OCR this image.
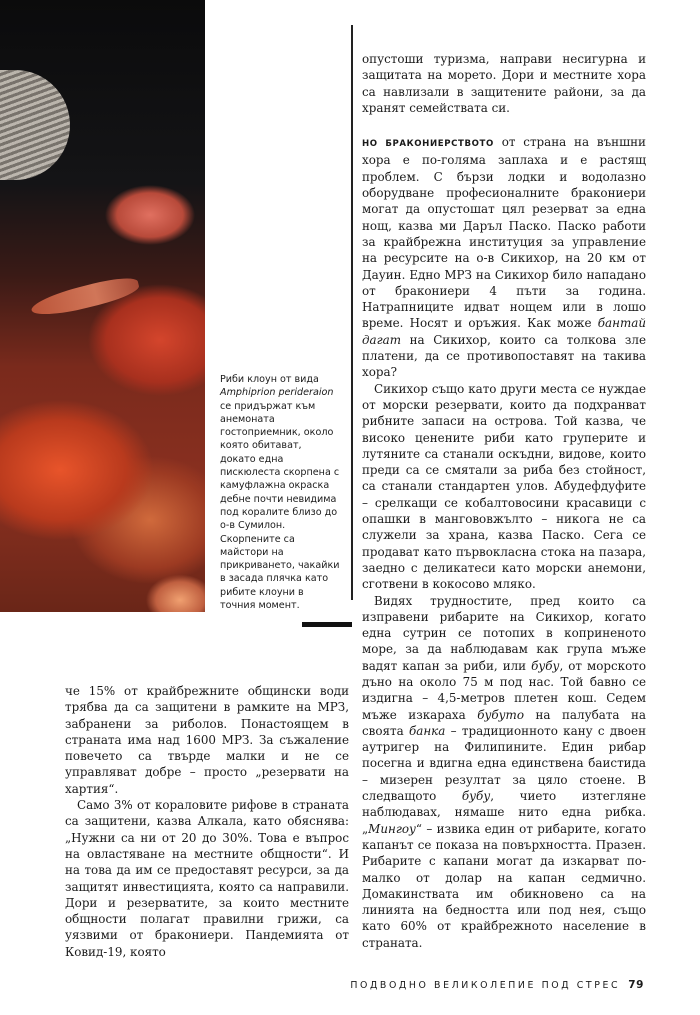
Риби клоун от вида Amphiprion perideraion се придържат към анемоната гостоприемник, около която обитават, докато една пискюлеста скорпена с камуфлажна окраска дебне почти невидима под коралите близо до о-в Сумилон. Скорпените са майстори на прикриването, чакайки в засада плячка като рибите клоуни в точния момент.

че 15% от крайбрежните общински води трябва да са защитени в рамките на МРЗ, забранени за риболов. Понастоящем в страната има над 1600 МРЗ. За съжаление повечето са твърде малки и не се управляват добре – просто „резервати на хартия“.

Само 3% от кораловите рифове в страната са защитени, казва Алкала, като обяснява: „Нужни са ни от 20 до 30%. Това е въпрос на овластяване на местните общности“. И на това да им се предоставят ресурси, за да защитят инвестицията, която са направили. Дори и резерватите, за които местните общности полагат правилни грижи, са уязвими от бракониери. Пандемията от Ковид-19, която

опустоши туризма, направи несигурна и защитата на морето. Дори и местните хора са навлизали в защитените райони, за да хранят семействата си.

НО БРАКОНИЕРСТВОТО от страна на външни хора е по-голяма заплаха и е растящ проблем. С бързи лодки и водолазно оборудване професионалните бракониери могат да опустошат цял резерват за една нощ, казва ми Даръл Паско. Паско работи за крайбрежна институция за управление на ресурсите на о-в Сикихор, на 20 км от Дауин. Едно МРЗ на Сикихор било нападано от бракониери 4 пъти за година. Натрапниците идват нощем или в лошо време. Носят и оръжия. Как може бантай дагат на Сикихор, които са толкова зле платени, да се противопоставят на такива хора?

Сикихор също като други места се нуждае от морски резервати, които да подхранват рибните запаси на острова. Той казва, че високо ценените риби като груперите и лутяните са станали оскъдни, видове, които преди са се смятали за риба без стойност, са станали стандартен улов. Абудефдуфите – срелкащи се кобалтовосини красавици с опашки в мангововжълто – никога не са служели за храна, казва Паско. Сега се продават като първокласна стока на пазара, заедно с деликатеси като морски анемони, сготвени в кокосово мляко.

Видях трудностите, пред които са изправени рибарите на Сикихор, когато една сутрин се потопих в коприненото море, за да наблюдавам как група мъже вадят капан за риби, или бубу, от морското дъно на около 75 м под нас. Той бавно се издигна – 4,5-метров плетен кош. Седем мъже изкараха бубуто на палубата на своята банка – традиционното кану с двоен аутригер на Филипините. Един рибар посегна и вдигна една единствена баистида – мизерен резултат за цяло стоене. В следващото бубу, чието изтегляне наблюдавах, нямаше нито една рибка. „Мингоу“ – извика един от рибарите, когато капанът се показа на повърхността. Празен. Рибарите с капани могат да изкарват по-малко от долар на капан седмично. Домакинствата им обикновено са на линията на бедността или под нея, също като 60% от крайбрежното население в страната.

ПОДВОДНО ВЕЛИКОЛЕПИЕ ПОД СТРЕС 79
